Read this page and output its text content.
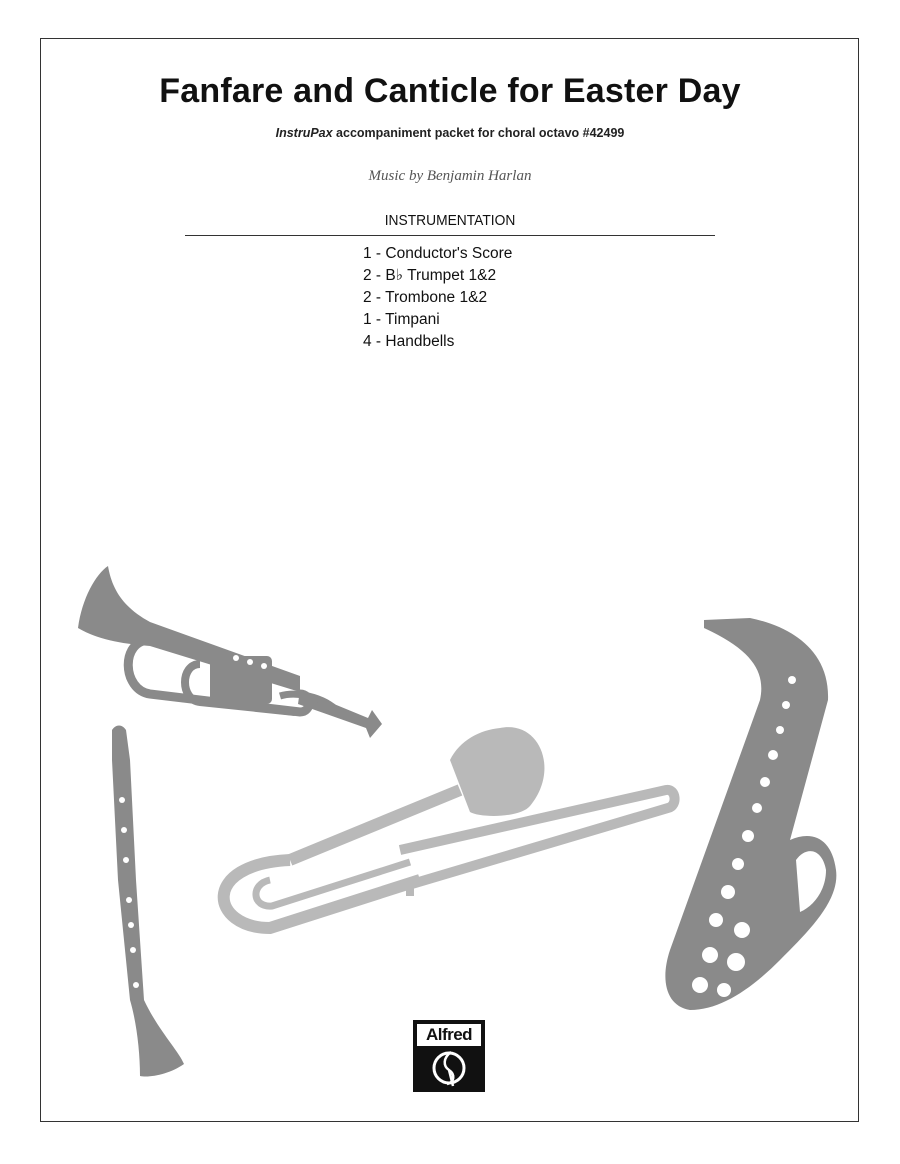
Fanfare and Canticle for Easter Day
InstruPax accompaniment packet for choral octavo #42499
Music by Benjamin Harlan
INSTRUMENTATION
1 - Conductor's Score
2 - B♭ Trumpet 1&2
2 - Trombone 1&2
1 - Timpani
4 - Handbells
Alfred
